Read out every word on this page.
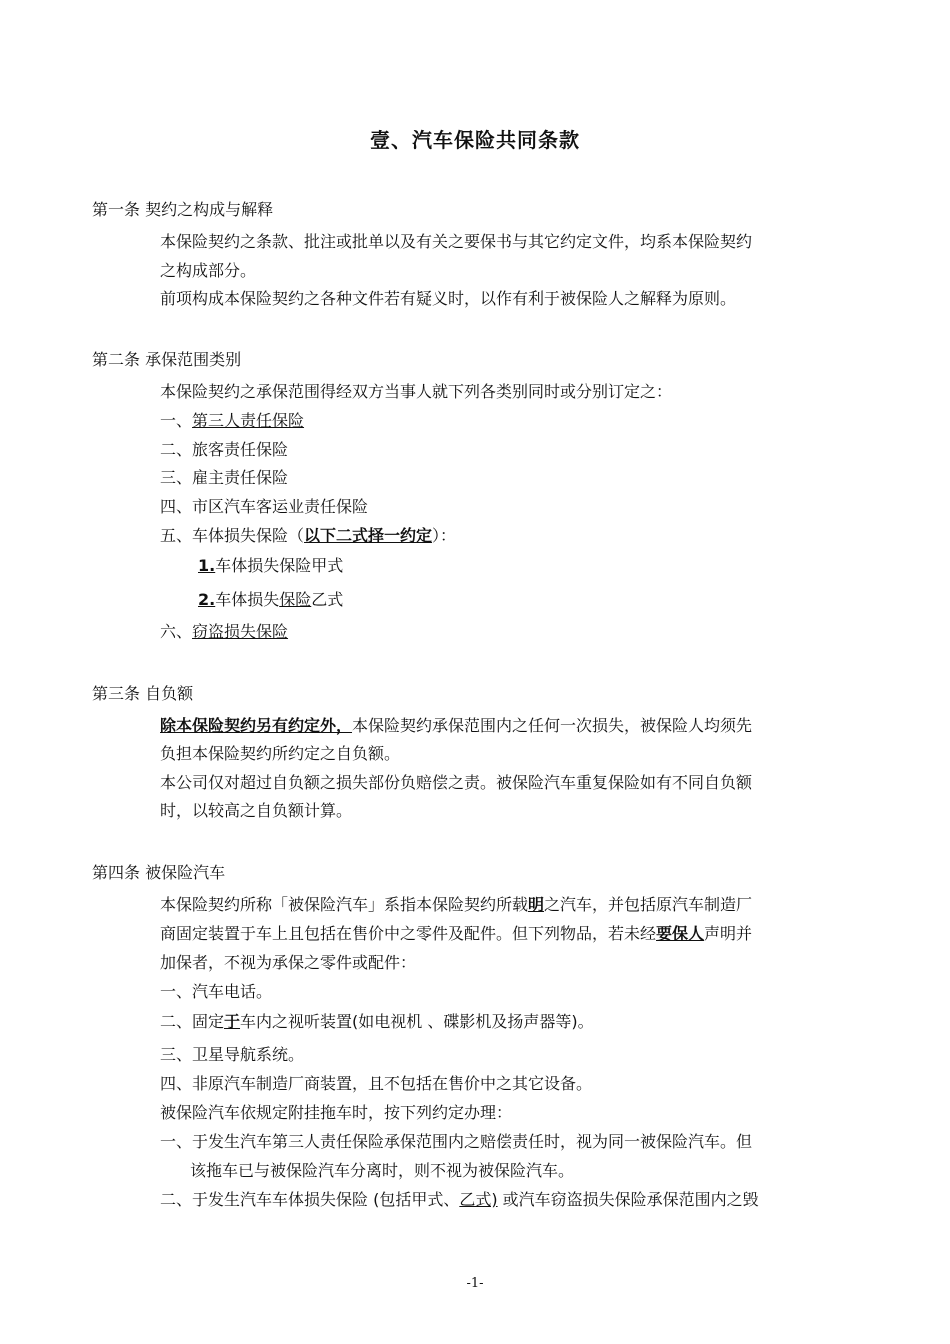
壹、汽车保险共同条款
第一条 契约之构成与解释
本保险契约之条款、批注或批单以及有关之要保书与其它约定文件，均系本保险契约
之构成部分。
前项构成本保险契约之各种文件若有疑义时，以作有利于被保险人之解释为原则。
第二条 承保范围类别
本保险契约之承保范围得经双方当事人就下列各类别同时或分别订定之：
一、第三人责任保险
二、旅客责任保险
三、雇主责任保险
四、市区汽车客运业责任保险
五、车体损失保险（以下二式择一约定）：
1.车体损失保险甲式
2.车体损失保险乙式
六、窃盗损失保险
第三条 自负额
除本保险契约另有约定外，本保险契约承保范围内之任何一次损失，被保险人均须先
负担本保险契约所约定之自负额。
本公司仅对超过自负额之损失部份负赔偿之责。被保险汽车重复保险如有不同自负额
时，以较高之自负额计算。
第四条 被保险汽车
本保险契约所称「被保险汽车」系指本保险契约所载明之汽车，并包括原汽车制造厂
商固定装置于车上且包括在售价中之零件及配件。但下列物品，若未经要保人声明并
加保者，不视为承保之零件或配件：
一、汽车电话。
二、固定于车内之视听装置(如电视机 、碟影机及扬声器等)。
三、卫星导航系统。
四、非原汽车制造厂商装置，且不包括在售价中之其它设备。
被保险汽车依规定附挂拖车时，按下列约定办理：
一、于发生汽车第三人责任保险承保范围内之赔偿责任时，视为同一被保险汽车。但
该拖车已与被保险汽车分离时，则不视为被保险汽车。
二、于发生汽车车体损失保险 (包括甲式、乙式) 或汽车窃盗损失保险承保范围内之毁
-1-
